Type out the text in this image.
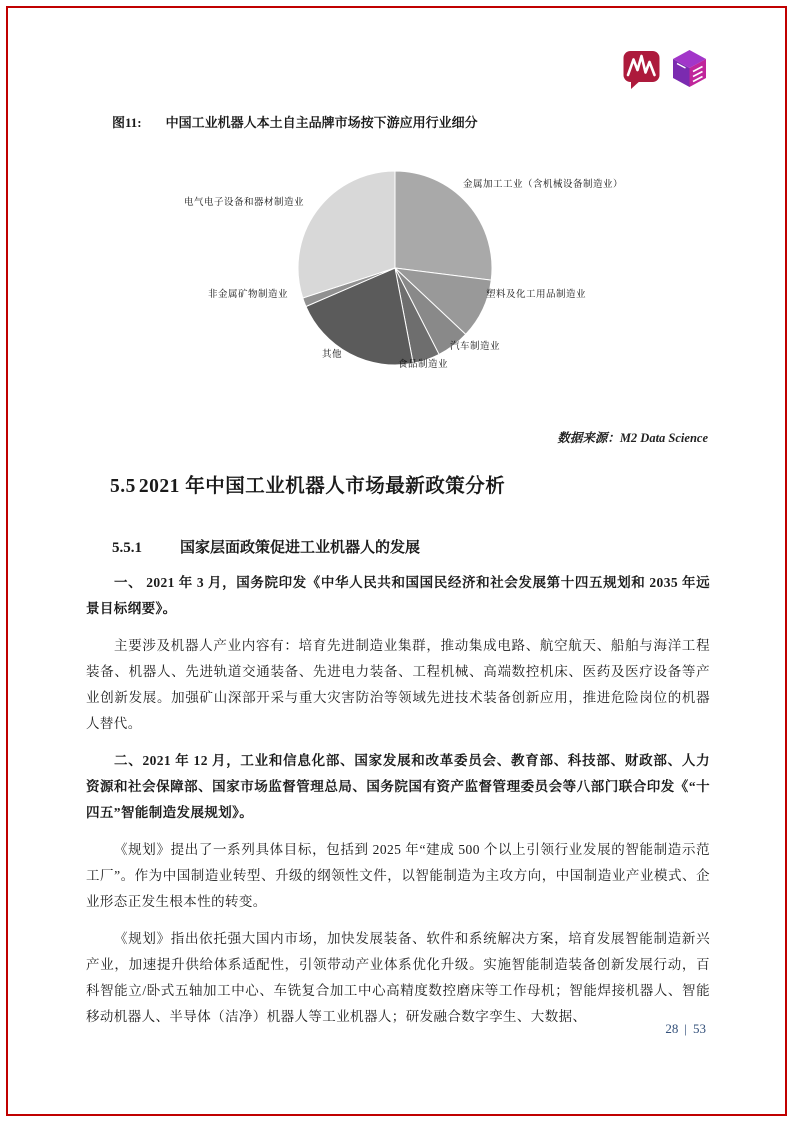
图11: 中国工业机器人本土自主品牌市场按下游应用行业细分
金属加工工业（含机械设备制造业）
塑料及化工用品制造业
汽车制造业
食品制造业
其他
非金属矿物制造业
电气电子设备和器材制造业
数据来源：M2 Data Science
5.5 2021 年中国工业机器人市场最新政策分析
5.5.1	国家层面政策促进工业机器人的发展

一、 2021 年 3 月，国务院印发《中华人民共和国国民经济和社会发展第十四五规划和 2035 年远景目标纲要》。

主要涉及机器人产业内容有：培育先进制造业集群，推动集成电路、航空航天、船舶与海洋工程装备、机器人、先进轨道交通装备、先进电力装备、工程机械、高端数控机床、医药及医疗设备等产业创新发展。加强矿山深部开采与重大灾害防治等领域先进技术装备创新应用，推进危险岗位的机器人替代。

二、2021 年 12 月，工业和信息化部、国家发展和改革委员会、教育部、科技部、财政部、人力资源和社会保障部、国家市场监督管理总局、国务院国有资产监督管理委员会等八部门联合印发《“十四五”智能制造发展规划》。

《规划》提出了一系列具体目标，包括到 2025 年“建成 500 个以上引领行业发展的智能制造示范工厂”。作为中国制造业转型、升级的纲领性文件，以智能制造为主攻方向，中国制造业产业模式、企业形态正发生根本性的转变。

《规划》指出依托强大国内市场，加快发展装备、软件和系统解决方案，培育发展智能制造新兴产业，加速提升供给体系适配性，引领带动产业体系优化升级。实施智能制造装备创新发展行动，百科智能立/卧式五轴加工中心、车铣复合加工中心高精度数控磨床等工作母机；智能焊接机器人、智能移动机器人、半导体（洁净）机器人等工业机器人；研发融合数字孪生、大数据、

28 | 53
